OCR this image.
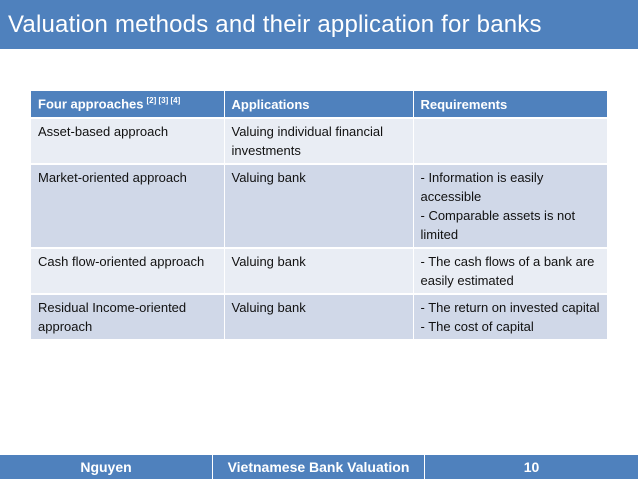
Valuation methods and their application for banks
Four approaches [2] [3] [4]	Applications	Requirements
Asset-based approach	Valuing individual financial investments	
Market-oriented approach	Valuing bank	- Information is easily accessible
- Comparable assets is not limited

Cash flow-oriented approach	Valuing bank	- The cash flows of a bank are easily estimated

Residual Income-oriented approach	Valuing bank	- The return on invested capital
- The cost of capital
Nguyen	Vietnamese Bank Valuation	10
